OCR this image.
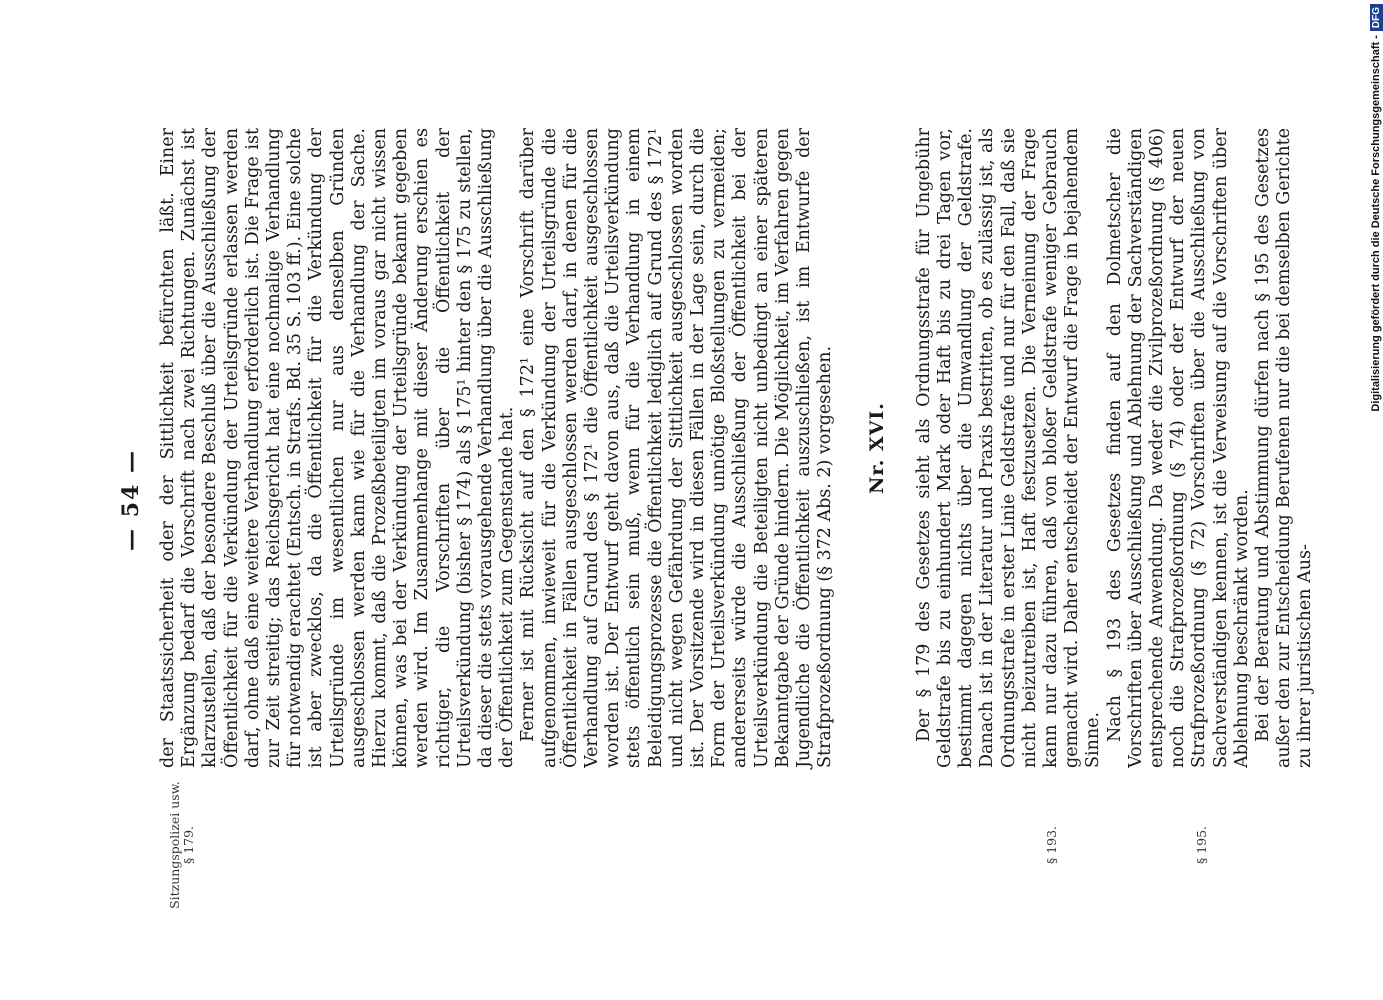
— 54 —
Sitzungspolizei usw. § 179.	§ 193.	§ 195.

der Staatssicherheit oder der Sittlichkeit befürchten läßt. Einer Ergänzung bedarf die Vorschrift nach zwei Richtungen. Zunächst ist klarzustellen, daß der besondere Beschluß über die Ausschließung der Öffentlichkeit für die Verkündung der Urteilsgründe erlassen werden darf, ohne daß eine weitere Verhandlung erforderlich ist. Die Frage ist zur Zeit streitig; das Reichsgericht hat eine nochmalige Verhandlung für notwendig erachtet (Entsch. in Strafs. Bd. 35 S. 103 ff.). Eine solche ist aber zwecklos, da die Öffentlichkeit für die Verkündung der Urteilsgründe im wesentlichen nur aus denselben Gründen ausgeschlossen werden kann wie für die Verhandlung der Sache. Hierzu kommt, daß die Prozeßbeteiligten im voraus gar nicht wissen können, was bei der Verkündung der Urteilsgründe bekannt gegeben werden wird. Im Zusammenhange mit dieser Änderung erschien es richtiger, die Vorschriften über die Öffentlichkeit der Urteilsverkündung (bisher § 174) als § 175¹ hinter den § 175 zu stellen, da dieser die stets vorausgehende Verhandlung über die Ausschließung der Öffentlichkeit zum Gegenstande hat. Ferner ist mit Rücksicht auf den § 172¹ eine Vorschrift darüber aufgenommen, inwieweit für die Verkündung der Urteilsgründe die Öffentlichkeit in Fällen ausgeschlossen werden darf, in denen für die Verhandlung auf Grund des § 172¹ die Öffentlichkeit ausgeschlossen worden ist. Der Entwurf geht davon aus, daß die Urteilsverkündung stets öffentlich sein muß, wenn für die Verhandlung in einem Beleidigungsprozesse die Öffentlichkeit lediglich auf Grund des § 172¹ und nicht wegen Gefährdung der Sittlichkeit ausgeschlossen worden ist. Der Vorsitzende wird in diesen Fällen in der Lage sein, durch die Form der Urteilsverkündung unnötige Bloßstellungen zu vermeiden; andererseits würde die Ausschließung der Öffentlichkeit bei der Urteilsverkündung die Beteiligten nicht unbedingt an einer späteren Bekanntgabe der Gründe hindern. Die Möglichkeit, im Verfahren gegen Jugendliche die Öffentlichkeit auszuschließen, ist im Entwurfe der Strafprozeßordnung (§ 372 Abs. 2) vorgesehen. Nr. XVI. Der § 179 des Gesetzes sieht als Ordnungsstrafe für Ungebühr Geldstrafe bis zu einhundert Mark oder Haft bis zu drei Tagen vor, bestimmt dagegen nichts über die Umwandlung der Geldstrafe. Danach ist in der Literatur und Praxis bestritten, ob es zulässig ist, als Ordnungsstrafe in erster Linie Geldstrafe und nur für den Fall, daß sie nicht beizutreiben ist, Haft festzusetzen. Die Verneinung der Frage kann nur dazu führen, daß von bloßer Geldstrafe weniger Gebrauch gemacht wird. Daher entscheidet der Entwurf die Frage in bejahendem Sinne. Nach § 193 des Gesetzes finden auf den Dolmetscher die Vorschriften über Ausschließung und Ablehnung der Sachverständigen entsprechende Anwendung. Da weder die Zivilprozeßordnung (§ 406) noch die Strafprozeßordnung (§ 74) oder der Entwurf der neuen Strafprozeßordnung (§ 72) Vorschriften über die Ausschließung von Sachverständigen kennen, ist die Verweisung auf die Vorschriften über Ablehnung beschränkt worden. Bei der Beratung und Abstimmung dürfen nach § 195 des Gesetzes außer den zur Entscheidung Berufenen nur die bei demselben Gerichte zu ihrer juristischen Aus-

Digitalisierung gefördert durch die Deutsche Forschungsgemeinschaft -DFG
